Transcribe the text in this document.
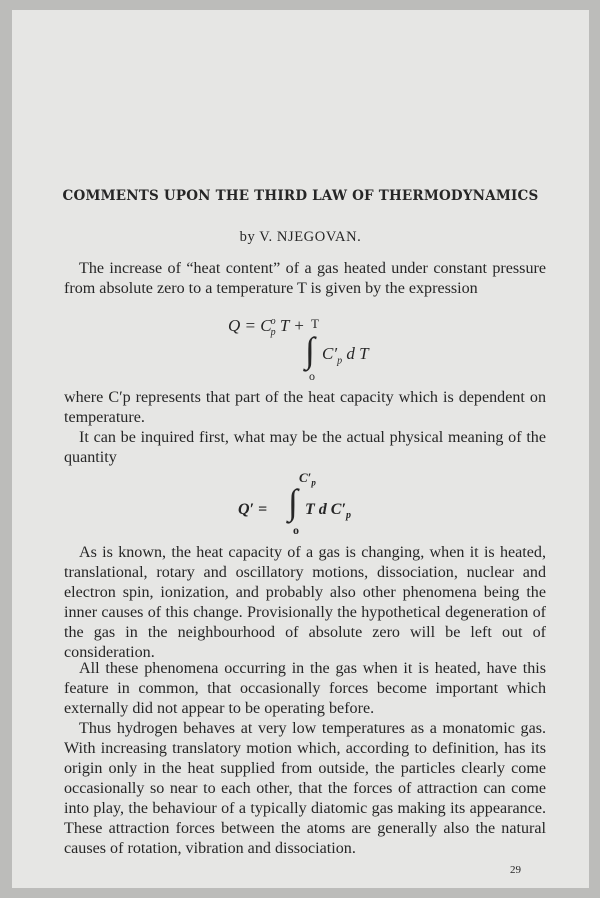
COMMENTS UPON THE THIRD LAW OF THERMODYNAMICS
by V. NJEGOVAN.

The increase of “heat content” of a gas heated under constant pressure from absolute zero to a temperature T is given by the expression

$Q = C^o_p$ T + T
∫
o
$C'_p$ d T

where C′p represents that part of the heat capacity which is dependent on temperature.

It can be inquired first, what may be the actual physical meaning of the quantity

Q′ =
$C'_p$
∫
o
T d $C'_p$

As is known, the heat capacity of a gas is changing, when it is heated, translational, rotary and oscillatory motions, dissociation, nuclear and electron spin, ionization, and probably also other phenomena being the inner causes of this change. Provisionally the hypothetical degeneration of the gas in the neighbourhood of absolute zero will be left out of consideration.

All these phenomena occurring in the gas when it is heated, have this feature in common, that occasionally forces become important which externally did not appear to be operating before.

Thus hydrogen behaves at very low temperatures as a monatomic gas. With increasing translatory motion which, according to definition, has its origin only in the heat supplied from outside, the particles clearly come occasionally so near to each other, that the forces of attraction can come into play, the behaviour of a typically diatomic gas making its appearance. These attraction forces between the atoms are generally also the natural causes of rotation, vibration and dissociation.

29
